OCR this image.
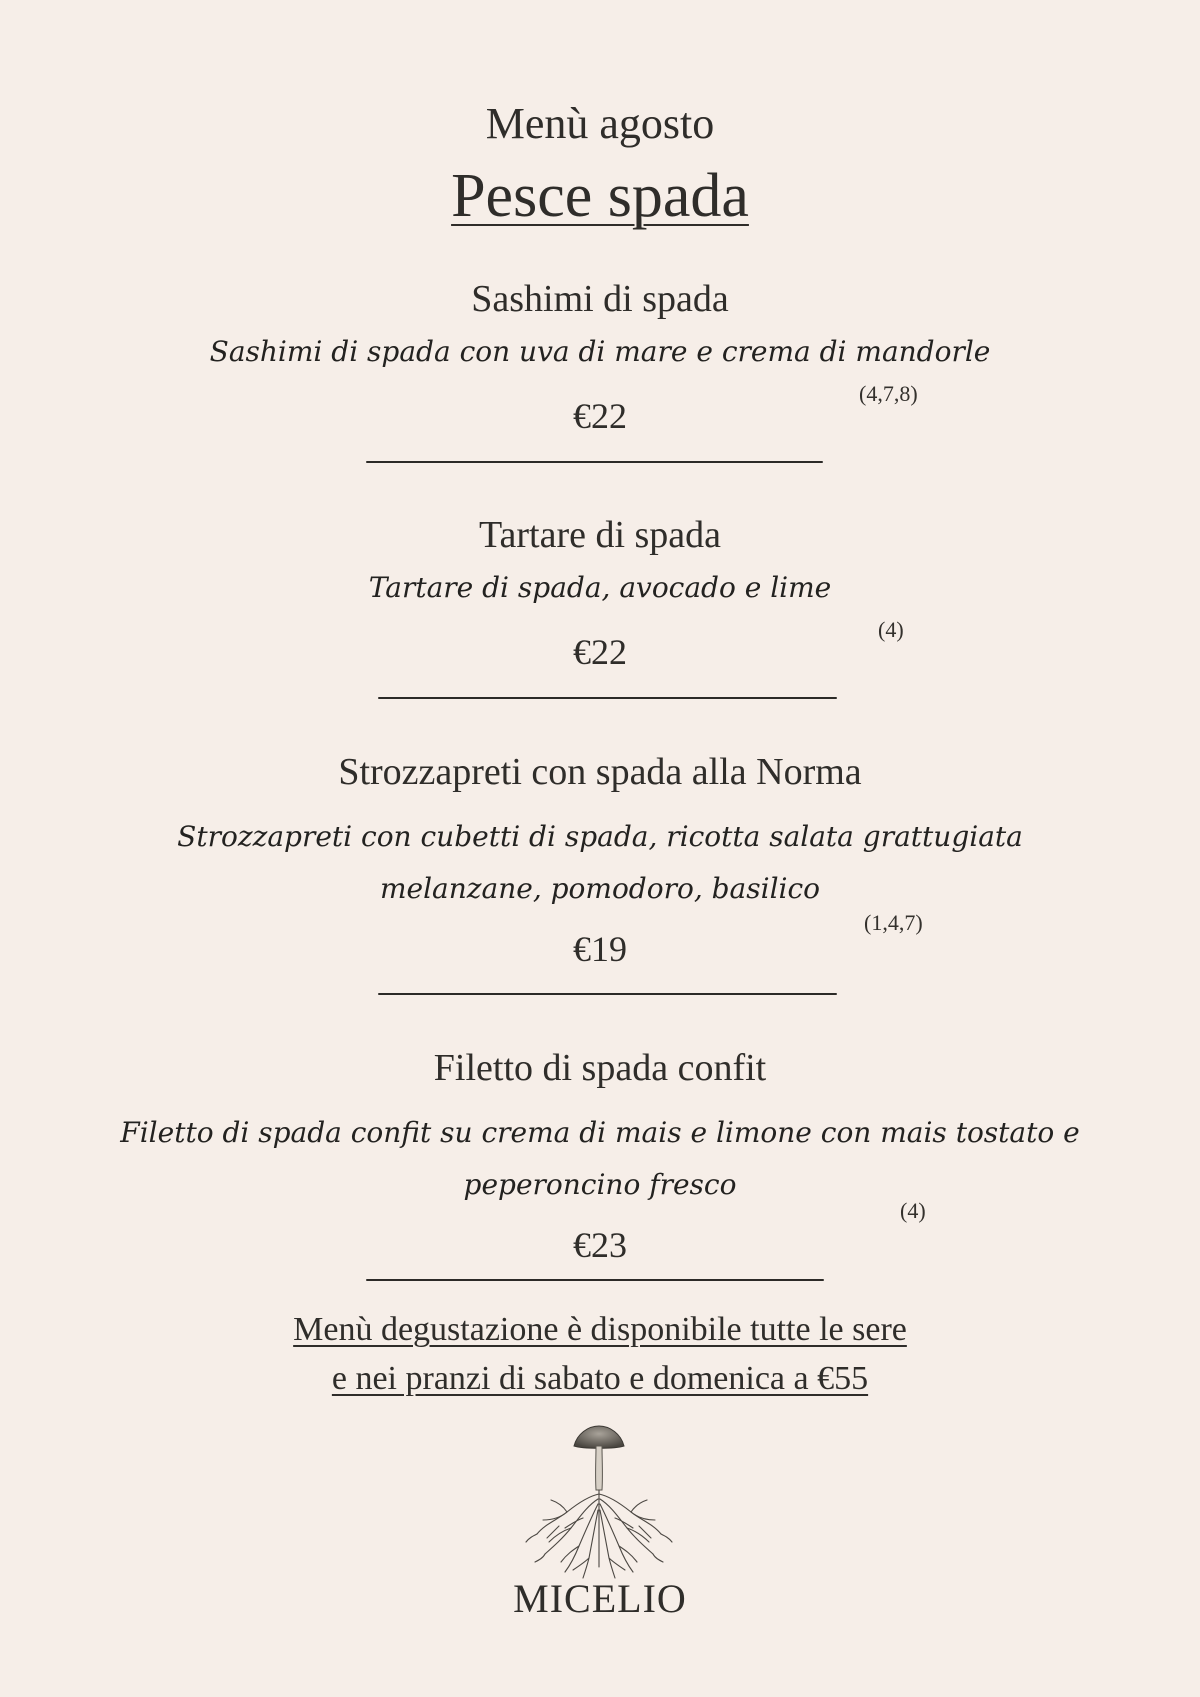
Menù agosto
Pesce spada
Sashimi di spada
Sashimi di spada con uva di mare e crema di mandorle
€22
(4,7,8)
Tartare di spada
Tartare di spada, avocado e lime
€22
(4)
Strozzapreti con spada alla Norma
Strozzapreti con cubetti di spada, ricotta salata grattugiata
melanzane, pomodoro, basilico
€19
(1,4,7)
Filetto di spada confit
Filetto di spada confit su crema di mais e limone con mais tostato e
peperoncino fresco
€23
(4)
Menù degustazione è disponibile tutte le sere
e nei pranzi di sabato e domenica a €55
MICELIO
